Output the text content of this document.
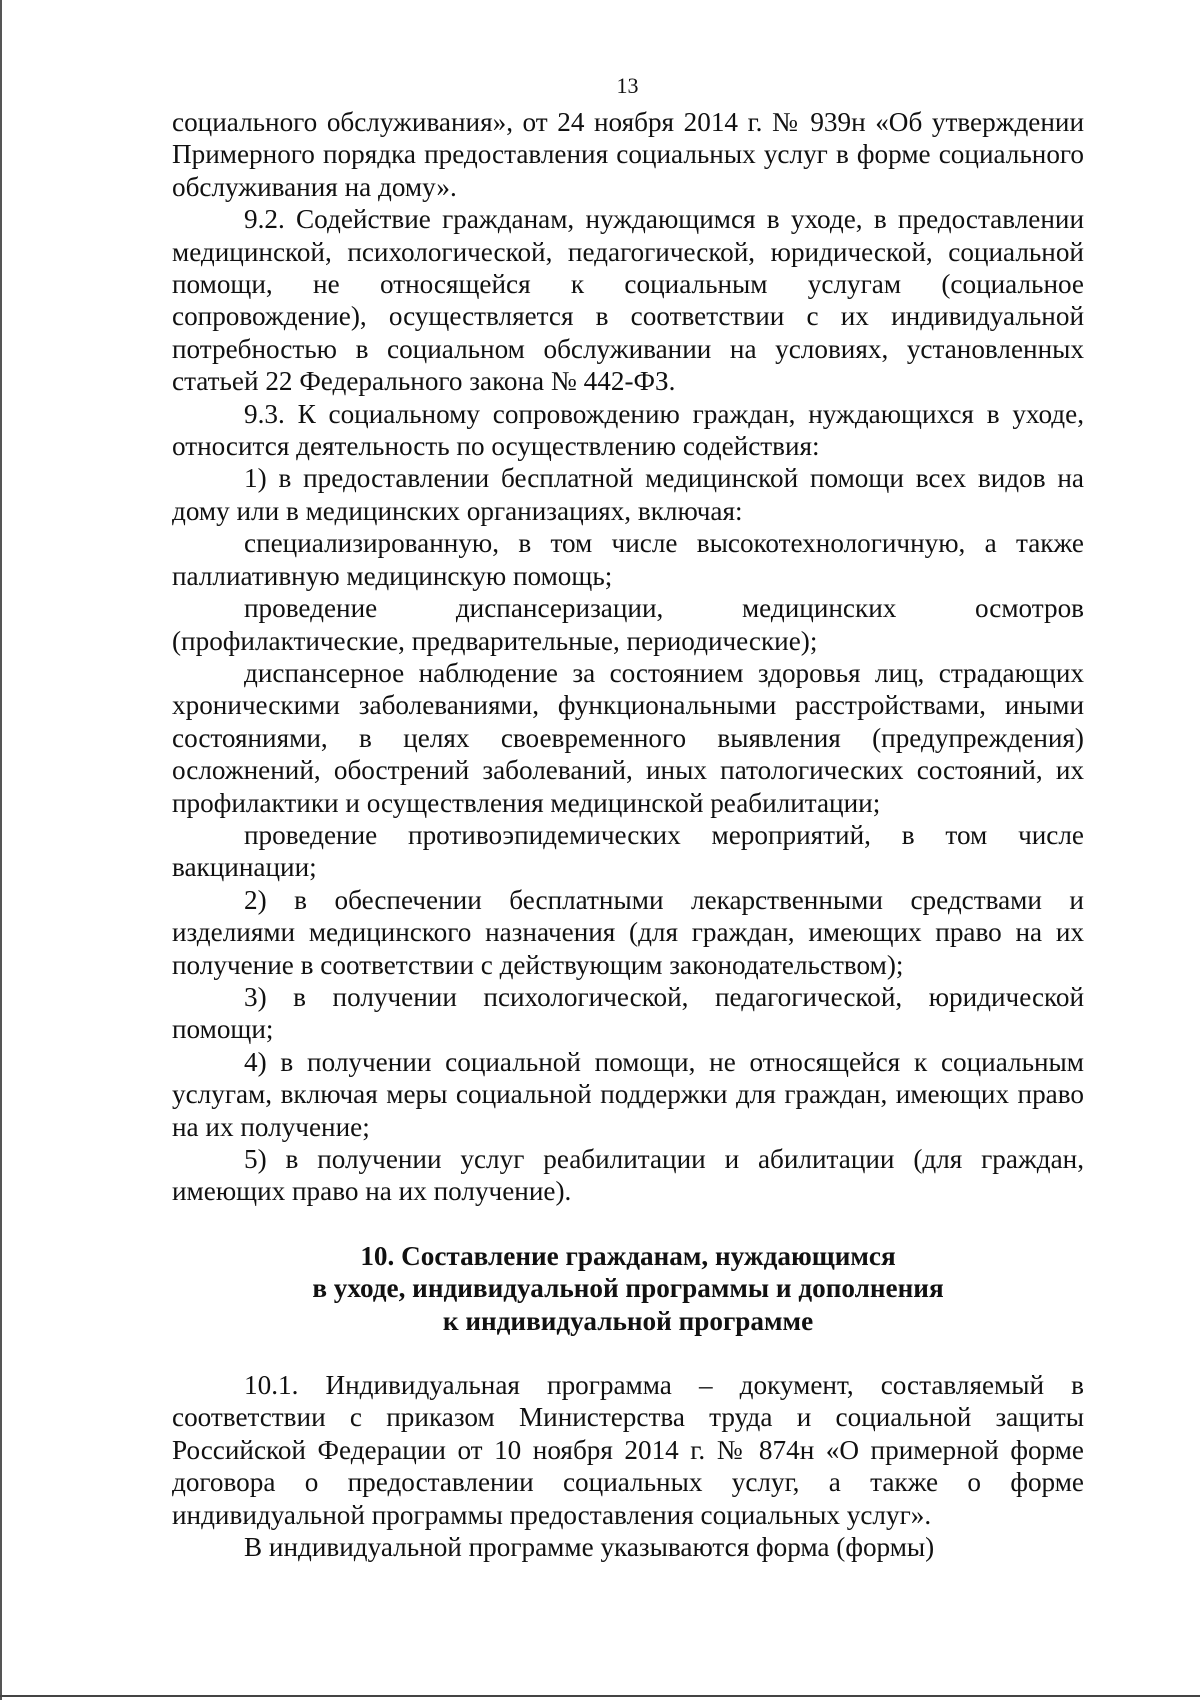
13

социального обслуживания», от 24 ноября 2014 г. № 939н «Об утверждении Примерного порядка предоставления социальных услуг в форме социального обслуживания на дому».

9.2. Содействие гражданам, нуждающимся в уходе, в предоставлении медицинской, психологической, педагогической, юридической, социальной помощи, не относящейся к социальным услугам (социальное сопровождение), осуществляется в соответствии с их индивидуальной потребностью в социальном обслуживании на условиях, установленных статьей 22 Федерального закона № 442-ФЗ.

9.3. К социальному сопровождению граждан, нуждающихся в уходе, относится деятельность по осуществлению содействия:

1) в предоставлении бесплатной медицинской помощи всех видов на дому или в медицинских организациях, включая:

специализированную, в том числе высокотехнологичную, а также паллиативную медицинскую помощь;

проведение диспансеризации, медицинских осмотров (профилактические, предварительные, периодические);

диспансерное наблюдение за состоянием здоровья лиц, страдающих хроническими заболеваниями, функциональными расстройствами, иными состояниями, в целях своевременного выявления (предупреждения) осложнений, обострений заболеваний, иных патологических состояний, их профилактики и осуществления медицинской реабилитации;

проведение противоэпидемических мероприятий, в том числе вакцинации;

2) в обеспечении бесплатными лекарственными средствами и изделиями медицинского назначения (для граждан, имеющих право на их получение в соответствии с действующим законодательством);

3) в получении психологической, педагогической, юридической помощи;

4) в получении социальной помощи, не относящейся к социальным услугам, включая меры социальной поддержки для граждан, имеющих право на их получение;

5) в получении услуг реабилитации и абилитации (для граждан, имеющих право на их получение).

10. Составление гражданам, нуждающимся
в уходе, индивидуальной программы и дополнения
к индивидуальной программе

10.1. Индивидуальная программа – документ, составляемый в соответствии с приказом Министерства труда и социальной защиты Российской Федерации от 10 ноября 2014 г. № 874н «О примерной форме договора о предоставлении социальных услуг, а также о форме индивидуальной программы предоставления социальных услуг».

В индивидуальной программе указываются форма (формы)
